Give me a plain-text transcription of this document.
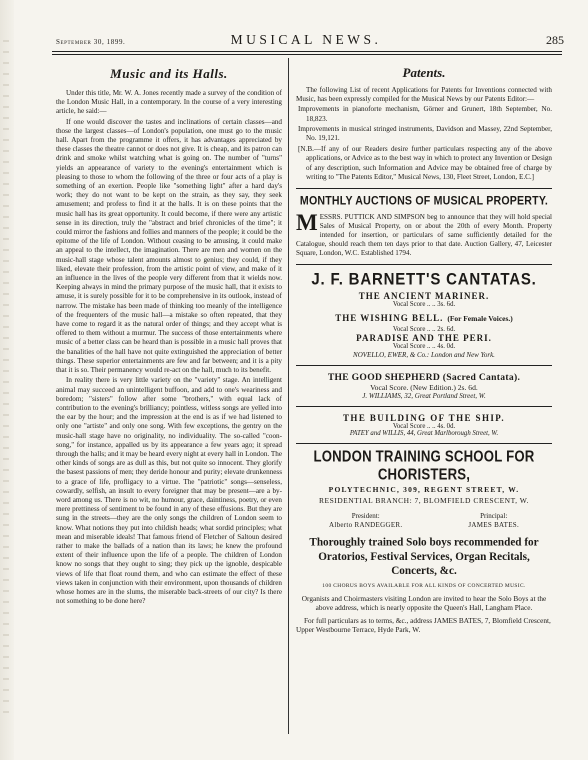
September 30, 1899.	MUSICAL NEWS.	285
Music and its Halls.

Under this title, Mr. W. A. Jones recently made a survey of the condition of the London Music Hall, in a contemporary. In the course of a very interesting article, he said:—

If one would discover the tastes and inclinations of certain classes—and those the largest classes—of London's population, one must go to the music hall. Apart from the programme it offers, it has advantages appreciated by these classes the theatre cannot or does not give. It is cheap, and its patron can drink and smoke whilst watching what is going on. The number of "turns" yields an appearance of variety to the evening's entertainment which is pleasing to those to whom the following of the three or four acts of a play is something of an exertion. People like "something light" after a hard day's work; they do not want to be kept on the strain, as they say, they seek amusement; and profess to find it at the halls. It is on these points that the music hall has its great opportunity. It could become, if there were any artistic sense in its direction, truly the "abstract and brief chronicles of the time"; it could mirror the fashions and follies and manners of the people; it could be the epitome of the life of London. Without ceasing to be amusing, it could make an appeal to the intellect, the imagination. There are men and women on the music-hall stage whose talent amounts almost to genius; they could, if they liked, elevate their profession, from the artistic point of view, and make of it an influence in the lives of the people very different from that it wields now. Keeping always in mind the primary purpose of the music hall, that it exists to amuse, it is surely possible for it to be comprehensive in its outlook, instead of narrow. The mistake has been made of thinking too meanly of the intelligence of the frequenters of the music hall—a mistake so often repeated, that they have come to regard it as the natural order of things; and they accept what is offered to them without a murmur. The success of those entertainments where music of a better class can be heard than is possible in a music hall proves that the banalities of the hall have not quite extinguished the appreciation of better things. These superior entertainments are few and far between; and it is a pity that it is so. Their permanency would re-act on the hall, much to its benefit.

In reality there is very little variety on the "variety" stage. An intelligent animal may succeed an unintelligent buffoon, and add to one's weariness and boredom; "sisters" follow after some "brothers," with equal lack of contribution to the evening's brilliancy; pointless, witless songs are yelled into the ear by the hour; and the impression at the end is as if we had listened to only one "artiste" and only one song. With few exceptions, the gentry on the music-hall stage have no originality, no individuality. The so-called "coon-song," for instance, appalled us by its appearance a few years ago; it spread through the halls; and it may be heard every night at every hall in London. The other kinds of songs are as dull as this, but not quite so innocent. They glorify the basest passions of men; they deride honour and purity; elevate drunkenness to a grace of life, profligacy to a virtue. The "patriotic" songs—senseless, cowardly, selfish, an insult to every foreigner that may be present—are a by-word among us. There is no wit, no humour, grace, daintiness, poetry, or even mere prettiness of sentiment to be found in any of these effusions. But they are sung in the streets—they are the only songs the children of London seem to know. What notions they put into childish heads; what sordid principles; what mean and miserable ideals! That famous friend of Fletcher of Saltoun desired rather to make the ballads of a nation than its laws; he knew the profound extent of their influence upon the life of a people. The children of London know no songs that they ought to sing; they pick up the ignoble, despicable views of life that float round them, and who can estimate the effect of these views taken in conjunction with their environment, upon thousands of children whose homes are in the slums, the miserable back-streets of our city? Is there not something to be done here?

Patents.

The following List of recent Applications for Patents for Inventions connected with Music, has been expressly compiled for the Musical News by our Patents Editor:—

Improvements in pianoforte mechanism, Görner and Grunert, 18th September, No. 18,823.

Improvements in musical stringed instruments, Davidson and Massey, 22nd September, No. 19,121.

[N.B.—If any of our Readers desire further particulars respecting any of the above applications, or Advice as to the best way in which to protect any Invention or Design of any description, such Information and Advice may be obtained free of charge by writing to "The Patents Editor," Musical News, 130, Fleet Street, London, E.C.]

MONTHLY AUCTIONS OF MUSICAL PROPERTY.
MESSRS. PUTTICK AND SIMPSON beg to announce that they will hold special Sales of Musical Property, on or about the 20th of every Month. Property intended for insertion, or particulars of same sufficiently detailed for the Catalogue, should reach them ten days prior to that date. Auction Gallery, 47, Leicester Square, London, W.C. Established 1794.
J. F. BARNETT'S CANTATAS.
THE ANCIENT MARINER.
Vocal Score .. .. 3s. 6d.
THE WISHING BELL. (For Female Voices.)
Vocal Score .. .. 2s. 6d.
PARADISE AND THE PERI.
Vocal Score .. .. 4s. 0d.
NOVELLO, EWER, & Co.: London and New York.
THE GOOD SHEPHERD (Sacred Cantata).
Vocal Score. (New Edition.) 2s. 6d.
J. WILLIAMS, 32, Great Portland Street, W.
THE BUILDING OF THE SHIP.
Vocal Score .. .. 4s. 0d.
PATEY and WILLIS, 44, Great Marlborough Street, W.
LONDON TRAINING SCHOOL FOR CHORISTERS,
POLYTECHNIC, 309, REGENT STREET, W.
RESIDENTIAL BRANCH: 7, BLOMFIELD CRESCENT, W.
President:
Alberto RANDEGGER.
Principal:
JAMES BATES.
Thoroughly trained Solo boys recommended for Oratorios, Festival Services, Organ Recitals, Concerts, &c.
100 CHORUS BOYS AVAILABLE FOR ALL KINDS OF CONCERTED MUSIC.
Organists and Choirmasters visiting London are invited to hear the Solo Boys at the above address, which is nearly opposite the Queen's Hall, Langham Place.
For full particulars as to terms, &c., address JAMES BATES, 7, Blomfield Crescent, Upper Westbourne Terrace, Hyde Park, W.
